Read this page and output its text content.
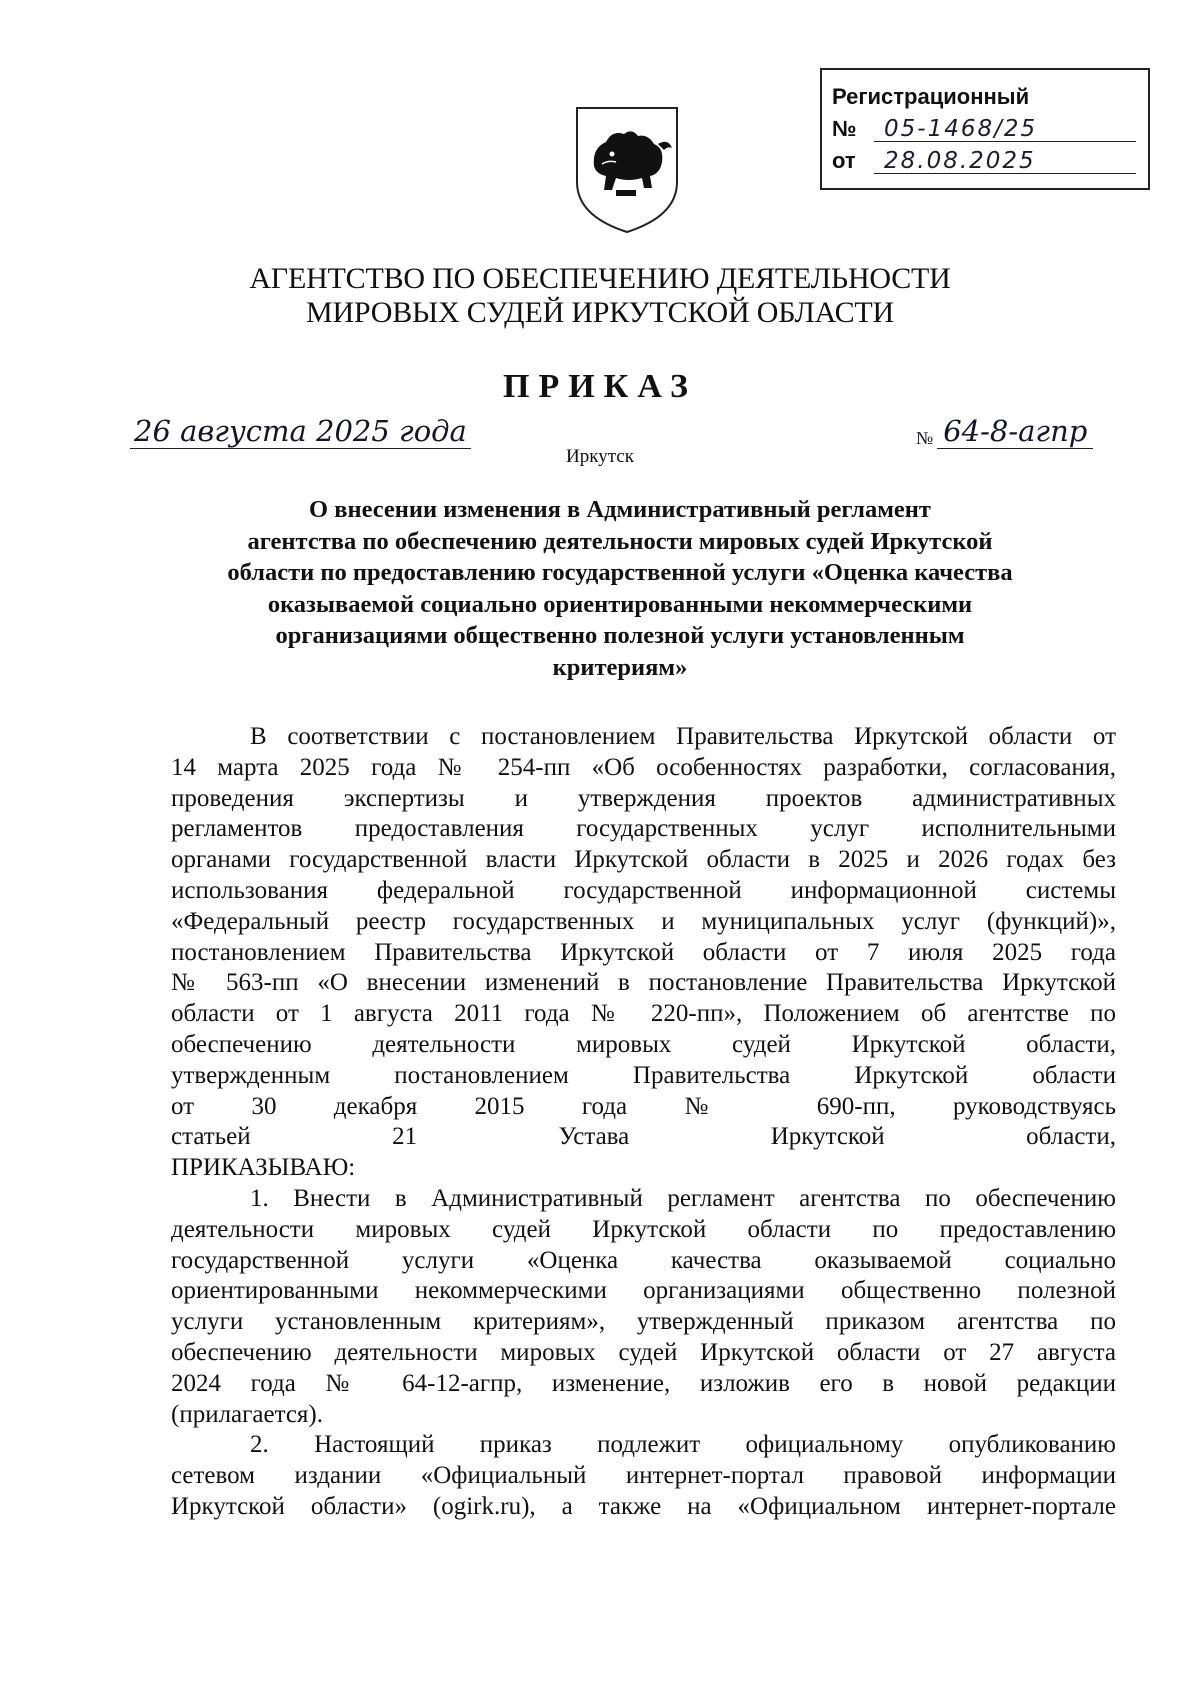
Регистрационный
№	05-1468/25
от	28.08.2025
АГЕНТСТВО ПО ОБЕСПЕЧЕНИЮ ДЕЯТЕЛЬНОСТИ
МИРОВЫХ СУДЕЙ ИРКУТСКОЙ ОБЛАСТИ
ПРИКАЗ
26 августа 2025 года	№ 64-8-агпр
Иркутск
О внесении изменения в Административный регламент
агентства по обеспечению деятельности мировых судей Иркутской
области по предоставлению государственной услуги «Оценка качества
оказываемой социально ориентированными некоммерческими
организациями общественно полезной услуги установленным
критериям»

В соответствии с постановлением Правительства Иркутской области от

14 марта 2025 года № 254-пп «Об особенностях разработки, согласования,

проведения экспертизы и утверждения проектов административных

регламентов предоставления государственных услуг исполнительными

органами государственной власти Иркутской области в 2025 и 2026 годах без

использования федеральной государственной информационной системы

«Федеральный реестр государственных и муниципальных услуг (функций)»,

постановлением Правительства Иркутской области от 7 июля 2025 года

№ 563-пп «О внесении изменений в постановление Правительства Иркутской

области от 1 августа 2011 года № 220-пп», Положением об агентстве по

обеспечению деятельности мировых судей Иркутской области,

утвержденным постановлением Правительства Иркутской области

от 30 декабря 2015 года № 690-пп, руководствуясь

статьей 21 Устава Иркутской области,

ПРИКАЗЫВАЮ:

1. Внести в Административный регламент агентства по обеспечению

деятельности мировых судей Иркутской области по предоставлению

государственной услуги «Оценка качества оказываемой социально

ориентированными некоммерческими организациями общественно полезной

услуги установленным критериям», утвержденный приказом агентства по

обеспечению деятельности мировых судей Иркутской области от 27 августа

2024 года № 64-12-агпр, изменение, изложив его в новой редакции

(прилагается).

2. Настоящий приказ подлежит официальному опубликованию

сетевом издании «Официальный интернет-портал правовой информации

Иркутской области» (ogirk.ru), а также на «Официальном интернет-портале
